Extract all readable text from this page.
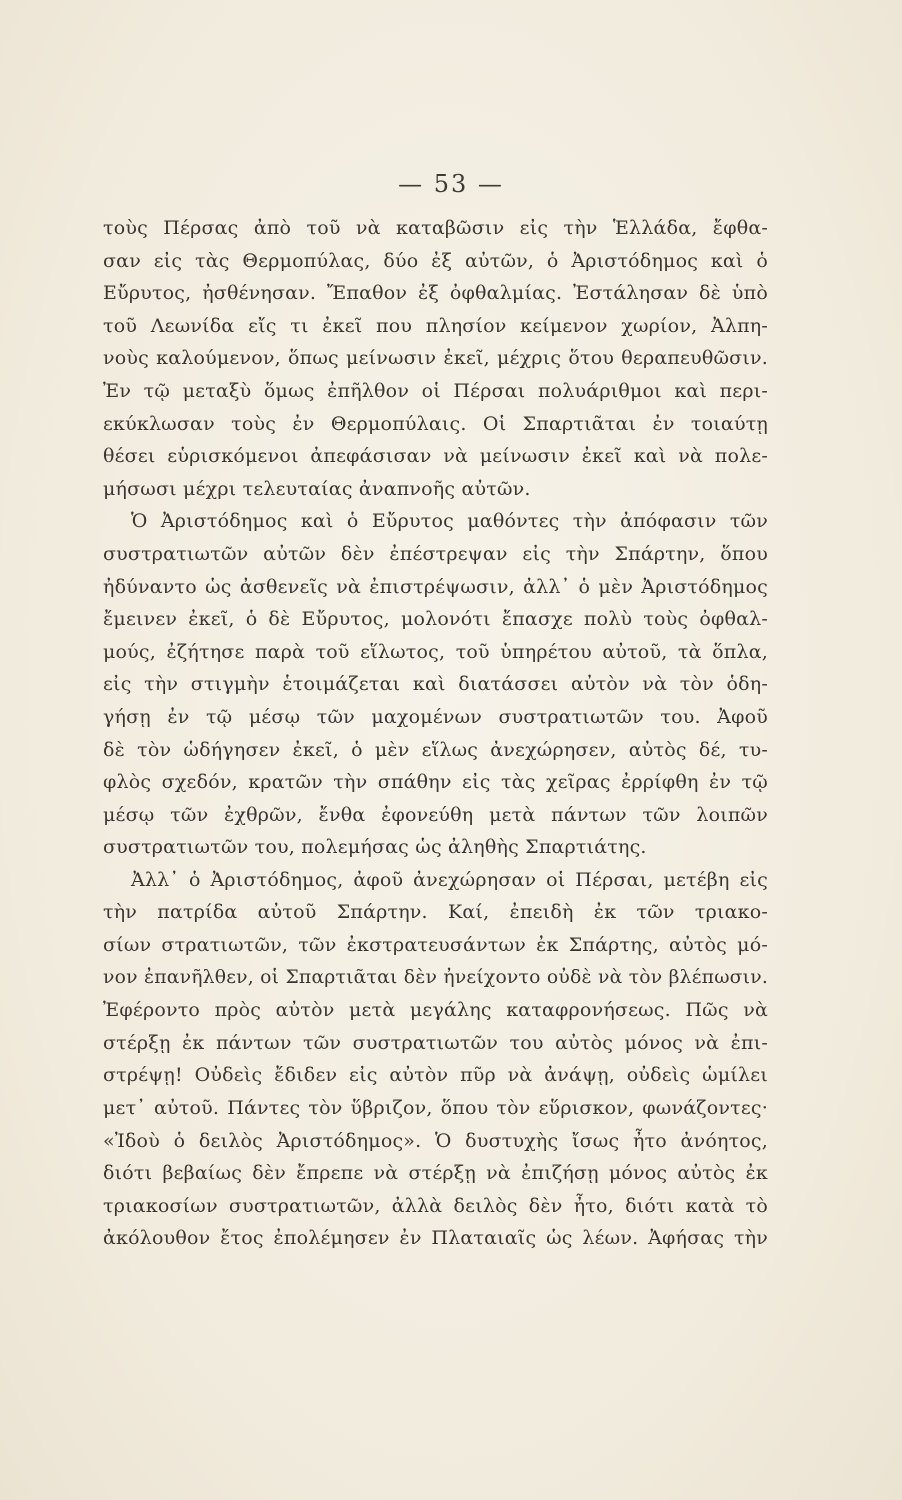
— 53 —
τοὺς Πέρσας ἀπὸ τοῦ νὰ καταβῶσιν εἰς τὴν Ἑλλάδα, ἔφθα-
σαν εἰς τὰς Θερμοπύλας, δύο ἐξ αὐτῶν, ὁ Ἀριστόδημος καὶ ὁ
Εὔρυτος, ἠσθένησαν. Ἔπαθον ἐξ ὀφθαλμίας. Ἐστάλησαν δὲ ὑπὸ
τοῦ Λεωνίδα εἴς τι ἐκεῖ που πλησίον κείμενον χωρίον, Ἀλπη-
νοὺς καλούμενον, ὅπως μείνωσιν ἐκεῖ, μέχρις ὅτου θεραπευθῶσιν.
Ἐν τῷ μεταξὺ ὅμως ἐπῆλθον οἱ Πέρσαι πολυάριθμοι καὶ περι-
εκύκλωσαν τοὺς ἐν Θερμοπύλαις. Οἱ Σπαρτιᾶται ἐν τοιαύτῃ
θέσει εὑρισκόμενοι ἀπεφάσισαν νὰ μείνωσιν ἐκεῖ καὶ νὰ πολε-
μήσωσι μέχρι τελευταίας ἀναπνοῆς αὐτῶν.
Ὁ Ἀριστόδημος καὶ ὁ Εὔρυτος μαθόντες τὴν ἀπόφασιν τῶν
συστρατιωτῶν αὐτῶν δὲν ἐπέστρεψαν εἰς τὴν Σπάρτην, ὅπου
ἠδύναντο ὡς ἀσθενεῖς νὰ ἐπιστρέψωσιν, ἀλλ᾽ ὁ μὲν Ἀριστόδημος
ἔμεινεν ἐκεῖ, ὁ δὲ Εὔρυτος, μολονότι ἔπασχε πολὺ τοὺς ὀφθαλ-
μούς, ἐζήτησε παρὰ τοῦ εἵλωτος, τοῦ ὑπηρέτου αὐτοῦ, τὰ ὅπλα,
εἰς τὴν στιγμὴν ἑτοιμάζεται καὶ διατάσσει αὐτὸν νὰ τὸν ὁδη-
γήσῃ ἐν τῷ μέσῳ τῶν μαχομένων συστρατιωτῶν του. Ἀφοῦ
δὲ τὸν ὡδήγησεν ἐκεῖ, ὁ μὲν εἵλως ἀνεχώρησεν, αὐτὸς δέ, τυ-
φλὸς σχεδόν, κρατῶν τὴν σπάθην εἰς τὰς χεῖρας ἐρρίφθη ἐν τῷ
μέσῳ τῶν ἐχθρῶν, ἔνθα ἐφονεύθη μετὰ πάντων τῶν λοιπῶν
συστρατιωτῶν του, πολεμήσας ὡς ἀληθὴς Σπαρτιάτης.
Ἀλλ᾽ ὁ Ἀριστόδημος, ἀφοῦ ἀνεχώρησαν οἱ Πέρσαι, μετέβη εἰς
τὴν πατρίδα αὐτοῦ Σπάρτην. Καί, ἐπειδὴ ἐκ τῶν τριακο-
σίων στρατιωτῶν, τῶν ἐκστρατευσάντων ἐκ Σπάρτης, αὐτὸς μό-
νον ἐπανῆλθεν, οἱ Σπαρτιᾶται δὲν ἠνείχοντο οὐδὲ νὰ τὸν βλέπωσιν.
Ἐφέροντο πρὸς αὐτὸν μετὰ μεγάλης καταφρονήσεως. Πῶς νὰ
στέρξῃ ἐκ πάντων τῶν συστρατιωτῶν του αὐτὸς μόνος νὰ ἐπι-
στρέψῃ! Οὐδεὶς ἔδιδεν εἰς αὐτὸν πῦρ νὰ ἀνάψῃ, οὐδεὶς ὡμίλει
μετ᾽ αὐτοῦ. Πάντες τὸν ὕβριζον, ὅπου τὸν εὕρισκον, φωνάζοντες·
«Ἰδοὺ ὁ δειλὸς Ἀριστόδημος». Ὁ δυστυχὴς ἴσως ἦτο ἀνόητος,
διότι βεβαίως δὲν ἔπρεπε νὰ στέρξῃ νὰ ἐπιζήσῃ μόνος αὐτὸς ἐκ
τριακοσίων συστρατιωτῶν, ἀλλὰ δειλὸς δὲν ἦτο, διότι κατὰ τὸ
ἀκόλουθον ἔτος ἐπολέμησεν ἐν Πλαταιαῖς ὡς λέων. Ἀφήσας τὴν
